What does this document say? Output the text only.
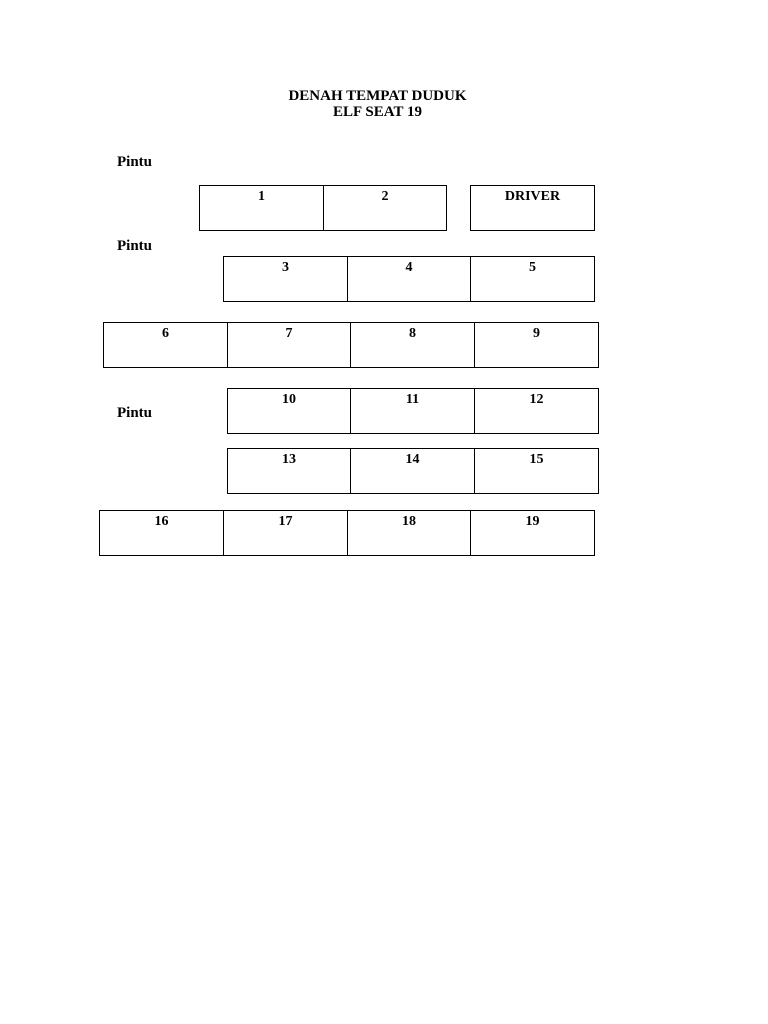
DENAH TEMPAT DUDUK
ELF SEAT 19
Pintu
Pintu
Pintu
1	2	DRIVER
3	4	5
6	7	8	9
10	11	12
13	14	15
16	17	18	19
